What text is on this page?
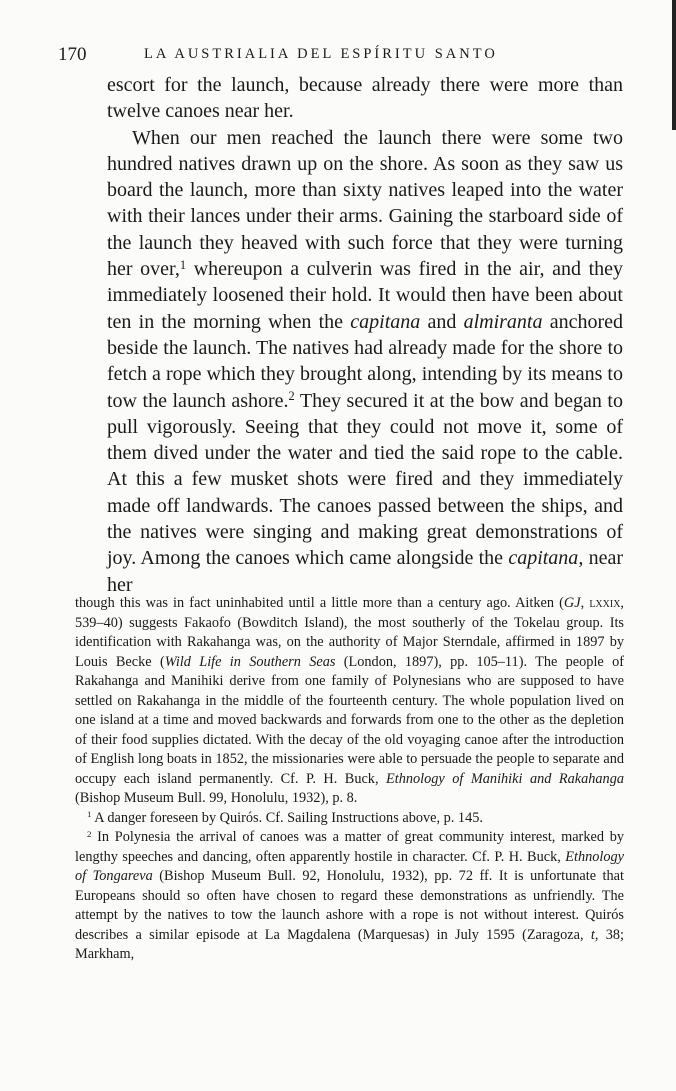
170	LA AUSTRIALIA DEL ESPÍRITU SANTO

escort for the launch, because already there were more than twelve canoes near her.

When our men reached the launch there were some two hundred natives drawn up on the shore. As soon as they saw us board the launch, more than sixty natives leaped into the water with their lances under their arms. Gaining the starboard side of the launch they heaved with such force that they were turning her over,$^1$ whereupon a culverin was fired in the air, and they immediately loosened their hold. It would then have been about ten in the morning when the capitana and almiranta anchored beside the launch. The natives had already made for the shore to fetch a rope which they brought along, intending by its means to tow the launch ashore.$^2$ They secured it at the bow and began to pull vigorously. Seeing that they could not move it, some of them dived under the water and tied the said rope to the cable. At this a few musket shots were fired and they immediately made off landwards. The canoes passed between the ships, and the natives were singing and making great demonstrations of joy. Among the canoes which came alongside the capitana, near her

though this was in fact uninhabited until a little more than a century ago. Aitken (GJ, lxxix, 539–40) suggests Fakaofo (Bowditch Island), the most southerly of the Tokelau group. Its identification with Rakahanga was, on the authority of Major Sterndale, affirmed in 1897 by Louis Becke (Wild Life in Southern Seas (London, 1897), pp. 105–11). The people of Rakahanga and Manihiki derive from one family of Polynesians who are supposed to have settled on Rakahanga in the middle of the fourteenth century. The whole population lived on one island at a time and moved backwards and forwards from one to the other as the depletion of their food supplies dictated. With the decay of the old voyaging canoe after the introduction of English long boats in 1852, the missionaries were able to persuade the people to separate and occupy each island permanently. Cf. P. H. Buck, Ethnology of Manihiki and Rakahanga (Bishop Museum Bull. 99, Honolulu, 1932), p. 8.

$^1$ A danger foreseen by Quirós. Cf. Sailing Instructions above, p. 145.

$^2$ In Polynesia the arrival of canoes was a matter of great community interest, marked by lengthy speeches and dancing, often apparently hostile in character. Cf. P. H. Buck, Ethnology of Tongareva (Bishop Museum Bull. 92, Honolulu, 1932), pp. 72 ff. It is unfortunate that Europeans should so often have chosen to regard these demonstrations as unfriendly. The attempt by the natives to tow the launch ashore with a rope is not without interest. Quirós describes a similar episode at La Magdalena (Marquesas) in July 1595 (Zaragoza, t, 38; Markham,
